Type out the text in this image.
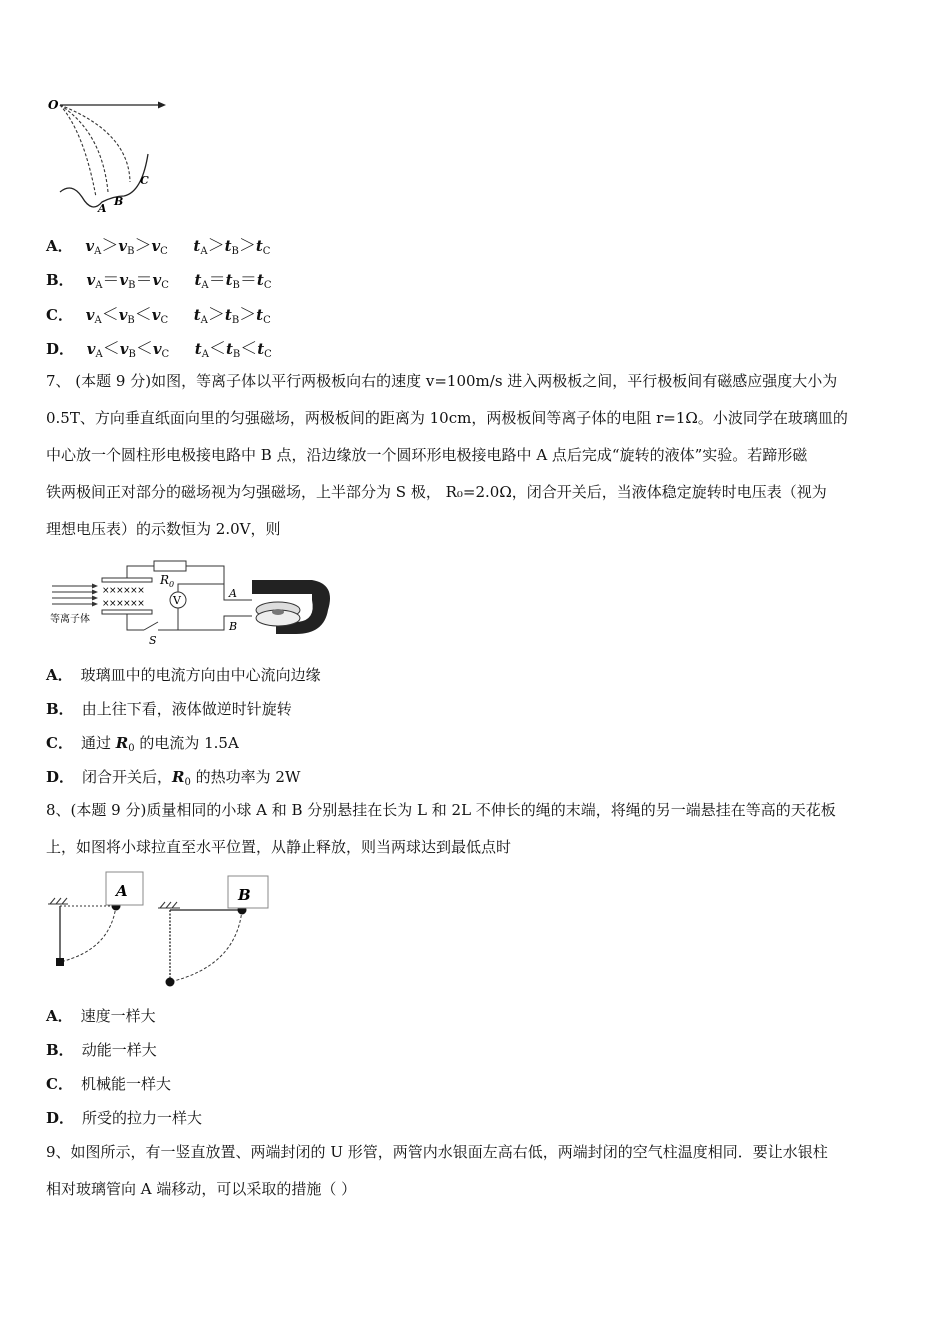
O
A
B
C
A． $v_A>v_B>v_C$ $t_A>t_B>t_C$
B． $v_A=v_B=v_C$ $t_A=t_B=t_C$
C． $v_A<v_B<v_C$ $t_A>t_B>t_C$
D． $v_A<v_B<v_C$ $t_A<t_B<t_C$
7、 (本题 9 分)如图，等离子体以平行两极板向右的速度 v=100m/s 进入两极板之间，平行极板间有磁感应强度大小为
0.5T、方向垂直纸面向里的匀强磁场，两极板间的距离为 10cm，两极板间等离子体的电阻 r=1Ω。小波同学在玻璃皿的
中心放一个圆柱形电极接电路中 B 点，沿边缘放一个圆环形电极接电路中 A 点后完成“旋转的液体”实验。若蹄形磁
铁两极间正对部分的磁场视为匀强磁场，上半部分为 S 极， R₀=2.0Ω，闭合开关后，当液体稳定旋转时电压表（视为
理想电压表）的示数恒为 2.0V，则
等离子体
××××××
××××××
$R_0$
S
V
A
B
A． 玻璃皿中的电流方向由中心流向边缘
B． 由上往下看，液体做逆时针旋转
C． 通过 $R_0$ 的电流为 1.5A
D． 闭合开关后，$R_0$ 的热功率为 2W
8、(本题 9 分)质量相同的小球 A 和 B 分别悬挂在长为 L 和 2L 不伸长的绳的末端，将绳的另一端悬挂在等高的天花板
上，如图将小球拉直至水平位置，从静止释放，则当两球达到最低点时
A	B
A． 速度一样大
B． 动能一样大
C． 机械能一样大
D． 所受的拉力一样大
9、如图所示，有一竖直放置、两端封闭的 U 形管，两管内水银面左高右低，两端封闭的空气柱温度相同．要让水银柱
相对玻璃管向 A 端移动，可以采取的措施（ ）
